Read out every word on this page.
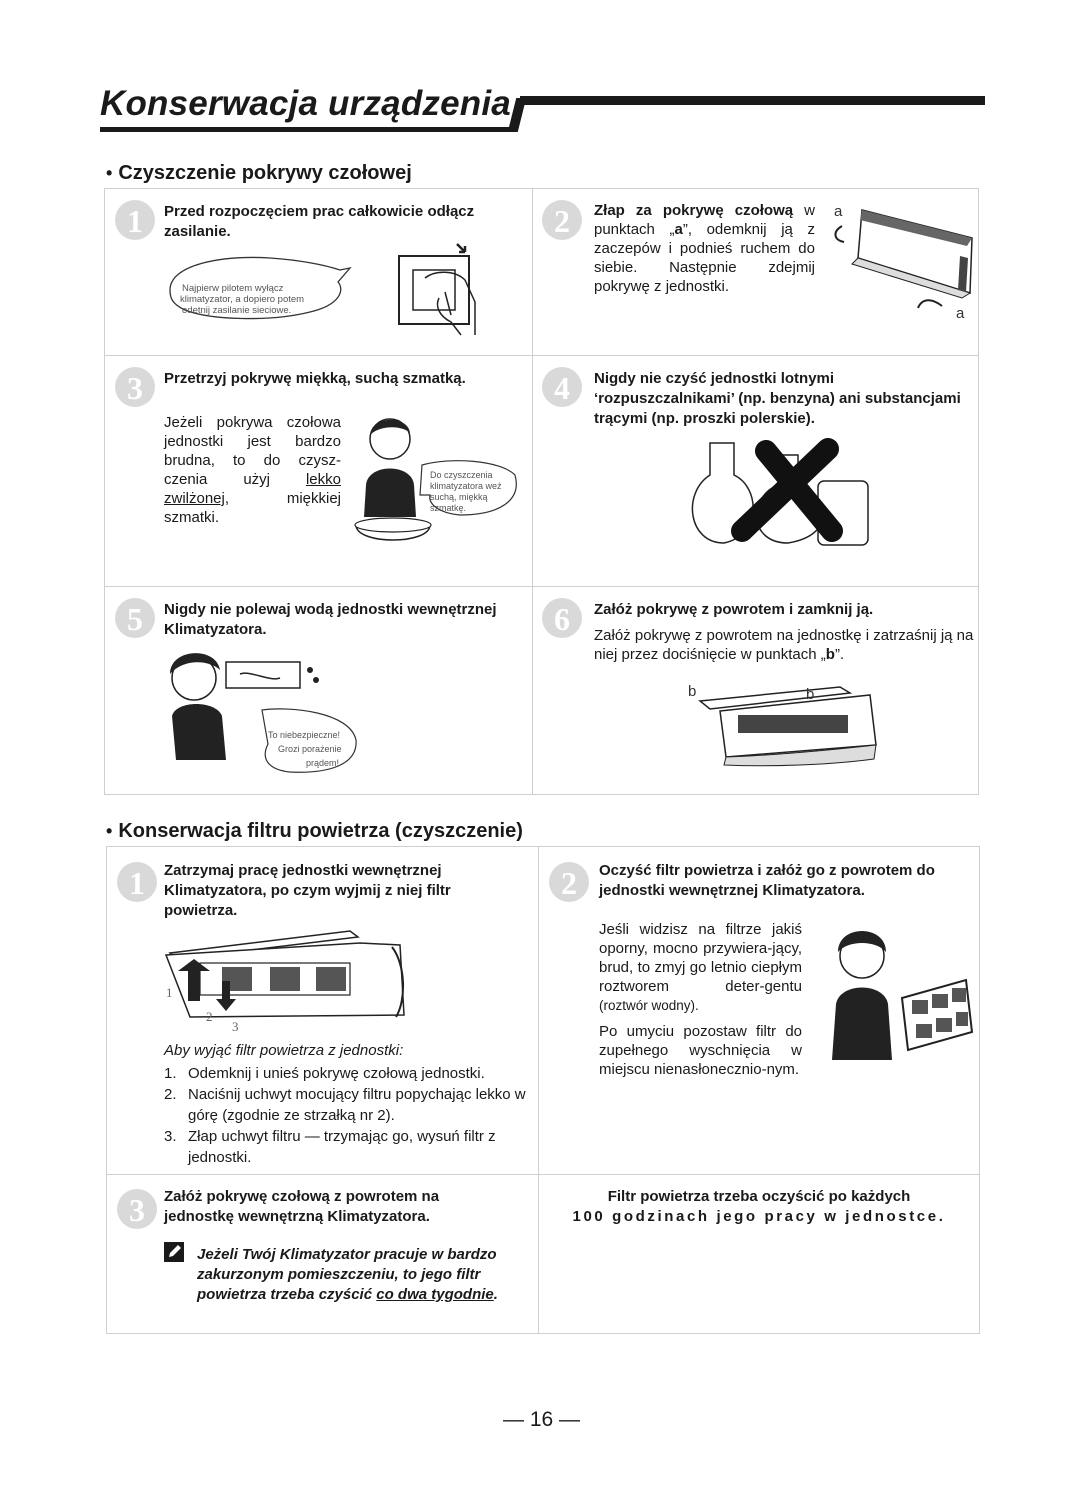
Konserwacja urządzenia
• Czyszczenie pokrywy czołowej
1	Przed rozpoczęciem prac całkowicie odłącz zasilanie.
Najpierw pilotem wyłącz
klimatyzator, a dopiero potem
odetnij zasilanie sieciowe.
2	Złap za pokrywę czołową w punktach „a”, odemknij ją z zaczepów i podnieś ruchem do siebie. Następnie zdejmij pokrywę z jednostki.
a
a
3	Przetrzyj pokrywę miękką, suchą szmatką.
Jeżeli pokrywa czołowa jednostki jest bardzo brudna, to do czysz-czenia użyj lekko zwilżonej, miękkiej szmatki.
Do czyszczenia
klimatyzatora weź
suchą, miękką
szmatkę.
4	Nigdy nie czyść jednostki lotnymi ‘rozpuszczalnikami’ (np. benzyna) ani substancjami trącymi (np. proszki polerskie).
5	Nigdy nie polewaj wodą jednostki wewnętrznej Klimatyzatora.
To niebezpieczne!
Grozi porażenie
prądem!
6	Załóż pokrywę z powrotem i zamknij ją.
Załóż pokrywę z powrotem na jednostkę i zatrzaśnij ją na niej przez dociśnięcie w punktach „b”.
b	b
• Konserwacja filtru powietrza (czyszczenie)
1	Zatrzymaj pracę jednostki wewnętrznej Klimatyzatora, po czym wyjmij z niej filtr powietrza.
1
2
3
Aby wyjąć filtr powietrza z jednostki:
1. Odemknij i unieś pokrywę czołową jednostki.
2. Naciśnij uchwyt mocujący filtru popychając lekko w górę (zgodnie ze strzałką nr 2).
3. Złap uchwyt filtru — trzymając go, wysuń filtr z jednostki.
2	Oczyść filtr powietrza i załóż go z powrotem do jednostki wewnętrznej Klimatyzatora.
Jeśli widzisz na filtrze jakiś oporny, mocno przywiera-jący, brud, to zmyj go letnio ciepłym roztworem deter-gentu (roztwór wodny).
Po umyciu pozostaw filtr do zupełnego wyschnięcia w miejscu nienasłonecznio-nym.
3	Załóż pokrywę czołową z powrotem na jednostkę wewnętrzną Klimatyzatora.
Jeżeli Twój Klimatyzator pracuje w bardzo zakurzonym pomieszczeniu, to jego filtr powietrza trzeba czyścić co dwa tygodnie.
Filtr powietrza trzeba oczyścić po każdych
100 godzinach jego pracy w jednostce.
— 16 —
